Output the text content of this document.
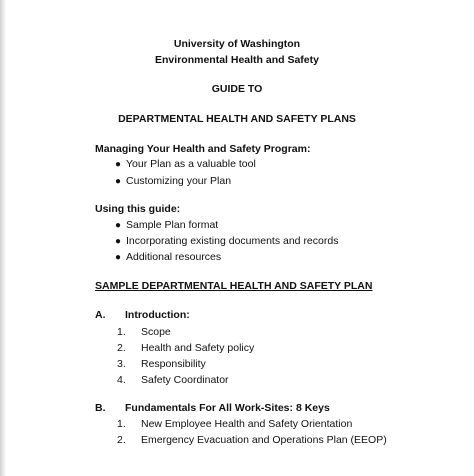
University of Washington
Environmental Health and Safety
GUIDE TO
DEPARTMENTAL HEALTH AND SAFETY PLANS
Managing Your Health and Safety Program:
● Your Plan as a valuable tool
● Customizing your Plan
Using this guide:
● Sample Plan format
● Incorporating existing documents and records
● Additional resources
SAMPLE DEPARTMENTAL HEALTH AND SAFETY PLAN
A. Introduction:
1. Scope
2. Health and Safety policy
3. Responsibility
4. Safety Coordinator
B. Fundamentals For All Work-Sites: 8 Keys
1. New Employee Health and Safety Orientation
2. Emergency Evacuation and Operations Plan (EEOP)
